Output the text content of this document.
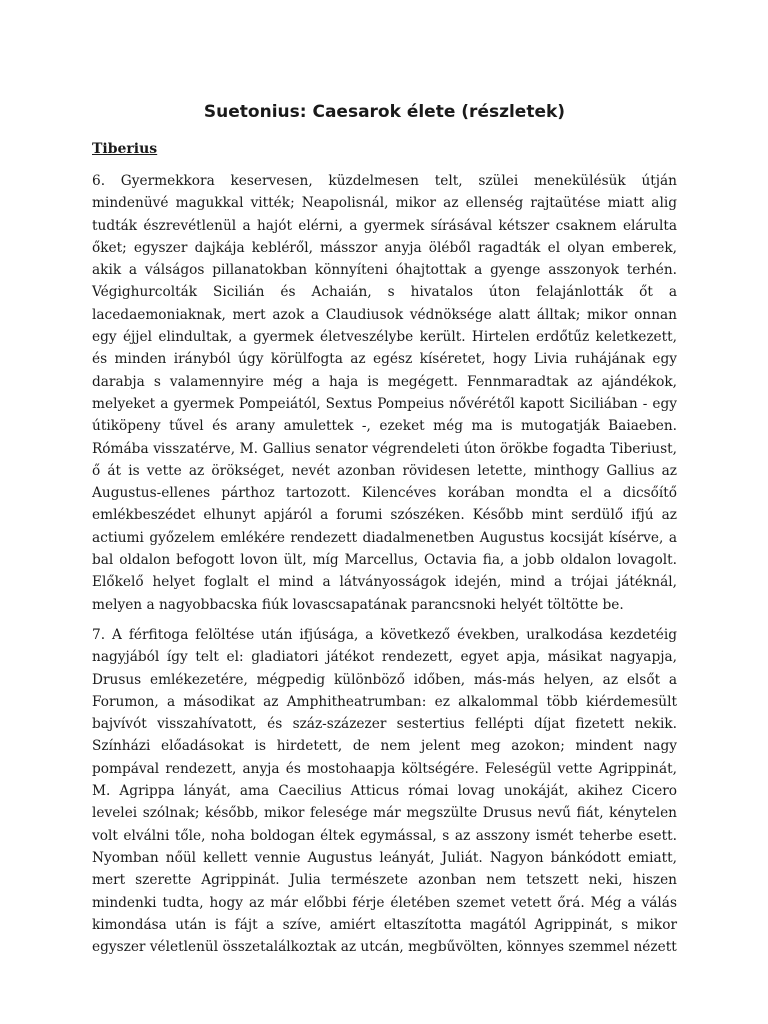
Suetonius: Caesarok élete (részletek)
Tiberius

6. Gyermekkora keservesen, küzdelmesen telt, szülei menekülésük útján mindenüvé magukkal vitték; Neapolisnál, mikor az ellenség rajtaütése miatt alig tudták észrevétlenül a hajót elérni, a gyermek sírásával kétszer csaknem elárulta őket; egyszer dajkája kebléről, másszor anyja öléből ragadták el olyan emberek, akik a válságos pillanatokban könnyíteni óhajtottak a gyenge asszonyok terhén. Végighurcolták Sicilián és Achaián, s hivatalos úton felajánlották őt a lacedaemoniaknak, mert azok a Claudiusok védnöksége alatt álltak; mikor onnan egy éjjel elindultak, a gyermek életveszélybe került. Hirtelen erdőtűz keletkezett, és minden irányból úgy körülfogta az egész kíséretet, hogy Livia ruhájának egy darabja s valamennyire még a haja is megégett. Fennmaradtak az ajándékok, melyeket a gyermek Pompeiától, Sextus Pompeius nővérétől kapott Siciliában - egy útiköpeny tűvel és arany amulettek -, ezeket még ma is mutogatják Baiaeben. Rómába visszatérve, M. Gallius senator végrendeleti úton örökbe fogadta Tiberiust, ő át is vette az örökséget, nevét azonban rövidesen letette, minthogy Gallius az Augustus-ellenes párthoz tartozott. Kilencéves korában mondta el a dicsőítő emlékbeszédet elhunyt apjáról a forumi szószéken. Később mint serdülő ifjú az actiumi győzelem emlékére rendezett diadalmenetben Augustus kocsiját kísérve, a bal oldalon befogott lovon ült, míg Marcellus, Octavia fia, a jobb oldalon lovagolt. Előkelő helyet foglalt el mind a látványosságok idején, mind a trójai játéknál, melyen a nagyobbacska fiúk lovascsapatának parancsnoki helyét töltötte be.

7. A férfitoga felöltése után ifjúsága, a következő években, uralkodása kezdetéig nagyjából így telt el: gladiatori játékot rendezett, egyet apja, másikat nagyapja, Drusus emlékezetére, mégpedig különböző időben, más-más helyen, az elsőt a Forumon, a másodikat az Amphitheatrumban: ez alkalommal több kiérdemesült bajvívót visszahívatott, és száz-százezer sestertius fellépti díjat fizetett nekik. Színházi előadásokat is hirdetett, de nem jelent meg azokon; mindent nagy pompával rendezett, anyja és mostohaapja költségére. Feleségül vette Agrippinát, M. Agrippa lányát, ama Caecilius Atticus római lovag unokáját, akihez Cicero levelei szólnak; később, mikor felesége már megszülte Drusus nevű fiát, kénytelen volt elválni tőle, noha boldogan éltek egymással, s az asszony ismét teherbe esett. Nyomban nőül kellett vennie Augustus leányát, Juliát. Nagyon bánkódott emiatt, mert szerette Agrippinát. Julia természete azonban nem tetszett neki, hiszen mindenki tudta, hogy az már előbbi férje életében szemet vetett őrá. Még a válás kimondása után is fájt a szíve, amiért eltaszította magától Agrippinát, s mikor egyszer véletlenül összetalálkoztak az utcán, megbűvölten, könnyes szemmel nézett
